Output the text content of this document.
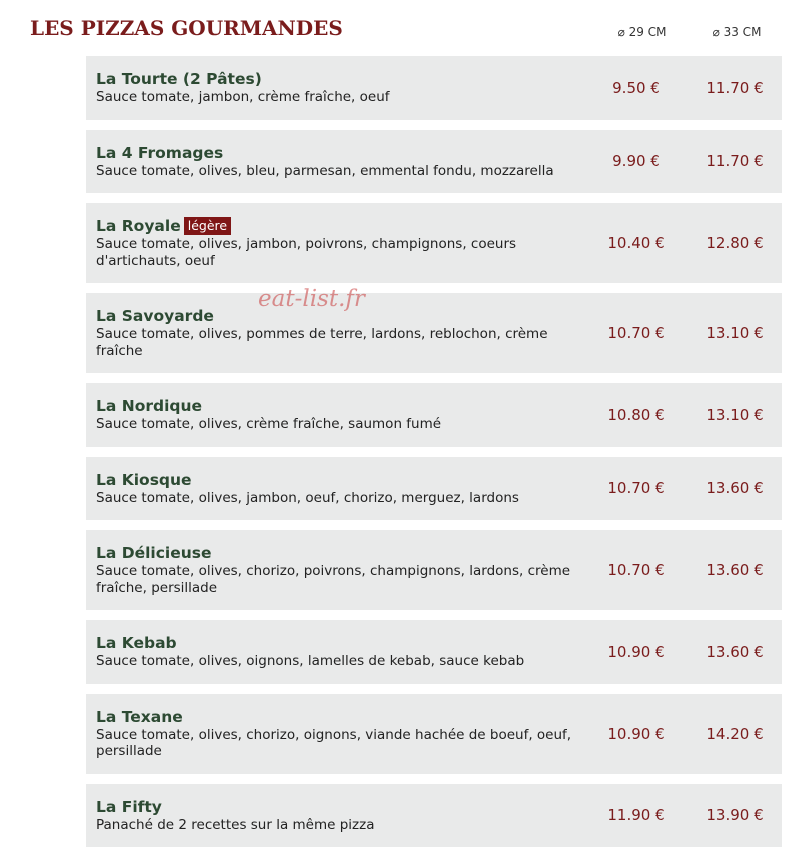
LES PIZZAS GOURMANDES	⌀ 29 CM	⌀ 33 CM
La Tourte (2 Pâtes)
Sauce tomate, jambon, crème fraîche, oeuf
9.50 €	11.70 €
La 4 Fromages
Sauce tomate, olives, bleu, parmesan, emmental fondu, mozzarella
9.90 €	11.70 €
La Royale légère
Sauce tomate, olives, jambon, poivrons, champignons, coeurs d'artichauts, oeuf
10.40 €	12.80 €
La Savoyarde
Sauce tomate, olives, pommes de terre, lardons, reblochon, crème fraîche
10.70 €	13.10 €
La Nordique
Sauce tomate, olives, crème fraîche, saumon fumé
10.80 €	13.10 €
La Kiosque
Sauce tomate, olives, jambon, oeuf, chorizo, merguez, lardons
10.70 €	13.60 €
La Délicieuse
Sauce tomate, olives, chorizo, poivrons, champignons, lardons, crème fraîche, persillade
10.70 €	13.60 €
La Kebab
Sauce tomate, olives, oignons, lamelles de kebab, sauce kebab
10.90 €	13.60 €
La Texane
Sauce tomate, olives, chorizo, oignons, viande hachée de boeuf, oeuf, persillade
10.90 €	14.20 €
La Fifty
Panaché de 2 recettes sur la même pizza
11.90 €	13.90 €
eat-list.fr
